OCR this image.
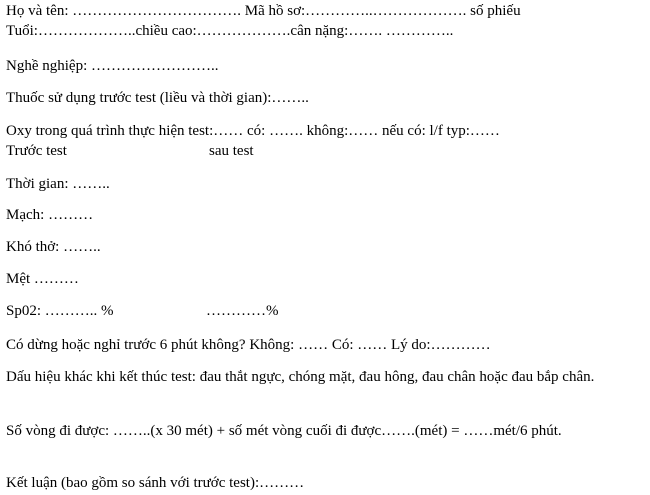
Họ và tên: ……………………………. Mã hồ sơ:…………..………………. số phiếu
Tuổi:………………..chiều cao:……………….cân nặng:……. …………..
Nghề nghiệp: ……………………..
Thuốc sử dụng trước test (liều và thời gian):……..
Oxy trong quá trình thực hiện test:…… có: ……. không:…… nếu có: l/f typ:……
Trước test	sau test
Thời gian: ……..
Mạch: ………
Khó thở: ……..
Mệt ………
Sp02: ……….. %	…………%
Có dừng hoặc nghỉ trước 6 phút không? Không: …… Có: …… Lý do:…………
Dấu hiệu khác khi kết thúc test: đau thắt ngực, chóng mặt, đau hông, đau chân hoặc đau bắp chân.
Số vòng đi được: ……..(x 30 mét) + số mét vòng cuối đi được…….(mét) = ……mét/6 phút.
Kết luận (bao gồm so sánh với trước test):………
